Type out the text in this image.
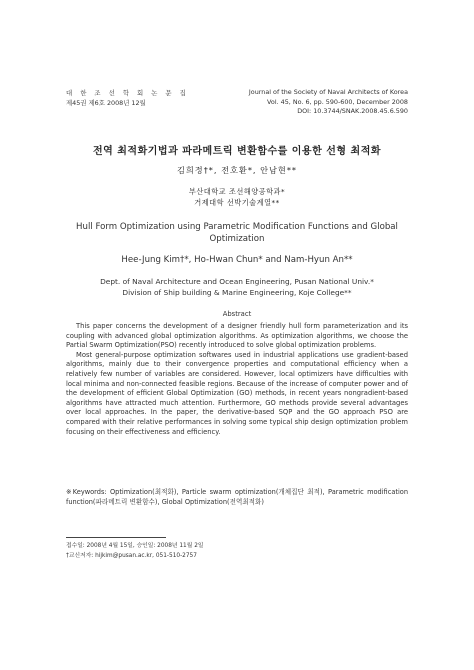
대 한 조 선 학 회 논 문 집
제45권 제6호 2008년 12월
Journal of the Society of Naval Architects of Korea
Vol. 45, No. 6, pp. 590-600, December 2008
DOI: 10.3744/SNAK.2008.45.6.590
전역 최적화기법과 파라메트릭 변환함수를 이용한 선형 최적화
김희정†*, 전호환*, 안남현**
부산대학교 조선해양공학과*
거제대학 선박기술계열**
Hull Form Optimization using Parametric Modification Functions and Global
Optimization
Hee-Jung Kim†*, Ho-Hwan Chun* and Nam-Hyun An**
Dept. of Naval Architecture and Ocean Engineering, Pusan National Univ.*
Division of Ship building & Marine Engineering, Koje College**
Abstract

This paper concerns the development of a designer friendly hull form parameterization and its coupling with advanced global optimization algorithms. As optimization algorithms, we choose the Partial Swarm Optimization(PSO) recently introduced to solve global optimization problems.

Most general-purpose optimization softwares used in industrial applications use gradient-based algorithms, mainly due to their convergence properties and computational efficiency when a relatively few number of variables are considered. However, local optimizers have difficulties with local minima and non-connected feasible regions. Because of the increase of computer power and of the development of efficient Global Optimization (GO) methods, in recent years nongradient-based algorithms have attracted much attention. Furthermore, GO methods provide several advantages over local approaches. In the paper, the derivative-based SQP and the GO approach PSO are compared with their relative performances in solving some typical ship design optimization problem focusing on their effectiveness and efficiency.

※Keywords: Optimization(최적화), Particle swarm optimization(개체집단 최적), Parametric modification function(파라메트릭 변환함수), Global Optimization(전역최적화)
접수일: 2008년 4월 15일, 승인일: 2008년 11월 2일
†교신저자: hijkim@pusan.ac.kr, 051-510-2757
